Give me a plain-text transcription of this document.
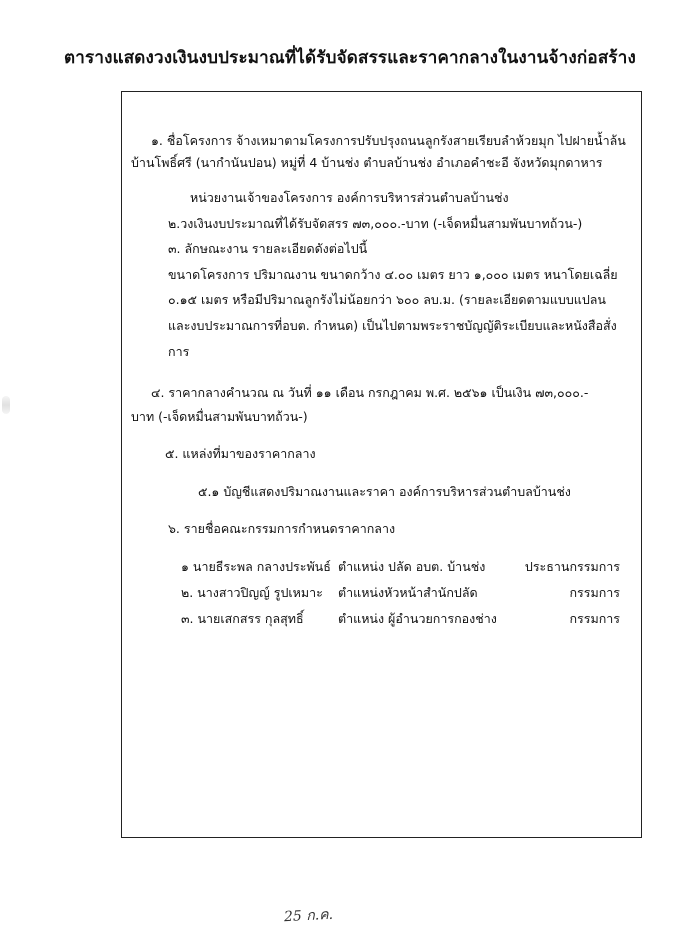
ตารางแสดงวงเงินงบประมาณที่ได้รับจัดสรรและราคากลางในงานจ้างก่อสร้าง
๑. ชื่อโครงการ จ้างเหมาตามโครงการปรับปรุงถนนลูกรังสายเรียบลำห้วยมุก ไปฝายน้ำล้น
บ้านโพธิ์ศรี (นากำนันปอน) หมู่ที่ 4 บ้านช่ง ตำบลบ้านช่ง อำเภอคำชะอี จังหวัดมุกดาหาร
หน่วยงานเจ้าของโครงการ องค์การบริหารส่วนตำบลบ้านช่ง
๒.วงเงินงบประมาณที่ได้รับจัดสรร ๗๓,๐๐๐.-บาท (-เจ็ดหมื่นสามพันบาทถ้วน-)
๓. ลักษณะงาน รายละเอียดดังต่อไปนี้
ขนาดโครงการ ปริมาณงาน ขนาดกว้าง ๔.๐๐ เมตร ยาว ๑,๐๐๐ เมตร หนาโดยเฉลี่ย
๐.๑๕ เมตร หรือมีปริมาณลูกรังไม่น้อยกว่า ๖๐๐ ลบ.ม. (รายละเอียดตามแบบแปลน
และงบประมาณการที่อบต. กำหนด) เป็นไปตามพระราชบัญญัติระเบียบและหนังสือสั่ง
การ
๔. ราคากลางคำนวณ ณ วันที่ ๑๑ เดือน กรกฎาคม พ.ศ. ๒๕๖๑ เป็นเงิน ๗๓,๐๐๐.-
บาท (-เจ็ดหมื่นสามพันบาทถ้วน-)
๕. แหล่งที่มาของราคากลาง
๕.๑ บัญชีแสดงปริมาณงานและราคา องค์การบริหารส่วนตำบลบ้านช่ง
๖. รายชื่อคณะกรรมการกำหนดราคากลาง
๑ นายธีระพล กลางประพันธ์ ตำแหน่ง ปลัด อบต. บ้านช่ง	ประธานกรรมการ
๒. นางสาวปิญญ์ รูปเหมาะ ตำแหน่งหัวหน้าสำนักปลัด	กรรมการ
๓. นายเสกสรร กุลสุทธิ์	ตำแหน่ง ผู้อำนวยการกองช่าง	กรรมการ
25 ก.ค.
